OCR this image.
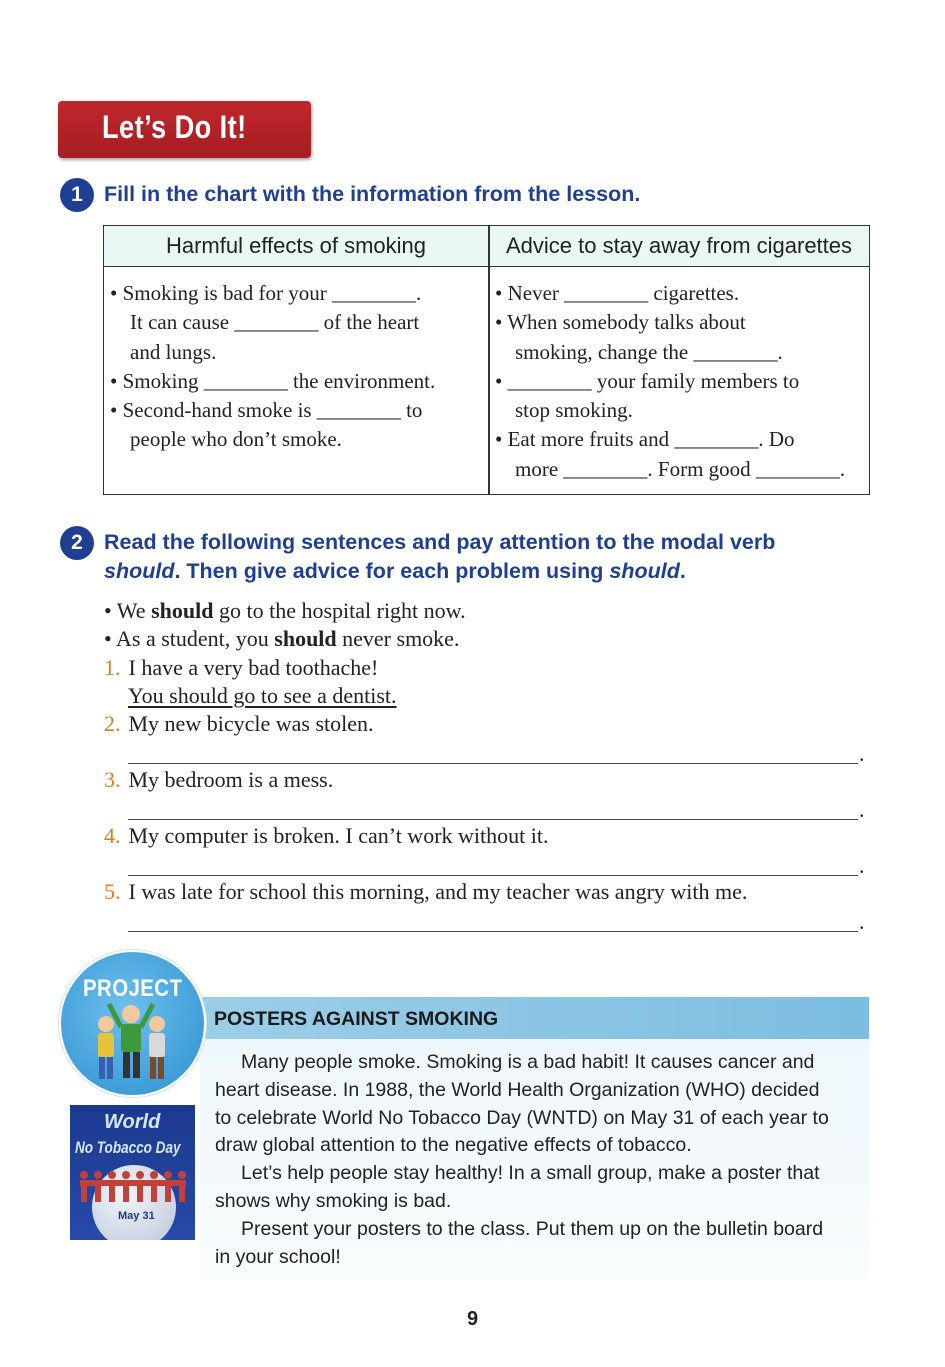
Let’s Do It!
1 Fill in the chart with the information from the lesson.
Harmful effects of smoking	Advice to stay away from cigarettes
• Smoking is bad for your ________.
It can cause ________ of the heart
and lungs.
• Smoking ________ the environment.
• Second-hand smoke is ________ to
people who don’t smoke.
• Never ________ cigarettes.
• When somebody talks about
smoking, change the ________.
• ________ your family members to
stop smoking.
• Eat more fruits and ________. Do
more ________. Form good ________.
2 Read the following sentences and pay attention to the modal verb
should. Then give advice for each problem using should.
• We should go to the hospital right now.
• As a student, you should never smoke.
1. I have a very bad toothache!
You should go to see a dentist.
2. My new bicycle was stolen.
.
3. My bedroom is a mess.
.
4. My computer is broken. I can’t work without it.
.
5. I was late for school this morning, and my teacher was angry with me.
.
PROJECT
POSTERS AGAINST SMOKING
World
No Tobacco Day
May 31
Many people smoke. Smoking is a bad habit! It causes cancer and
heart disease. In 1988, the World Health Organization (WHO) decided
to celebrate World No Tobacco Day (WNTD) on May 31 of each year to
draw global attention to the negative effects of tobacco.
Let’s help people stay healthy! In a small group, make a poster that
shows why smoking is bad.
Present your posters to the class. Put them up on the bulletin board
in your school!
9
